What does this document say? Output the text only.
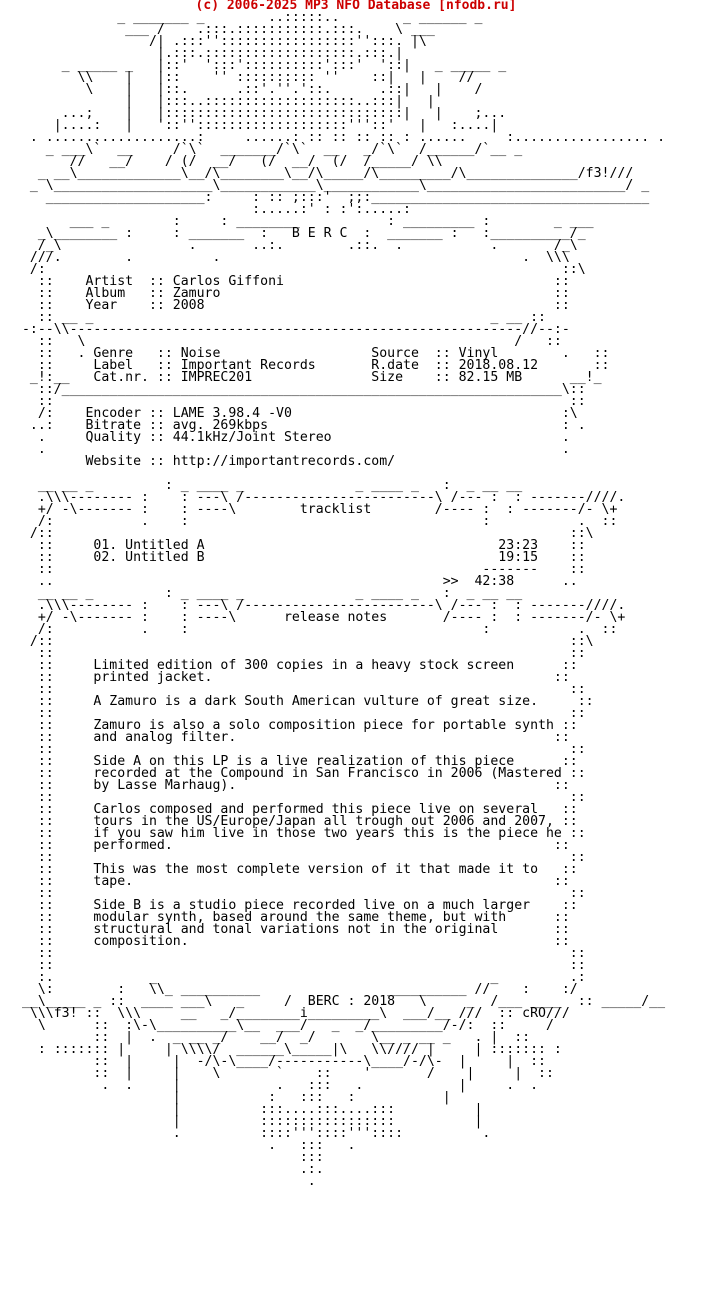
(c) 2006-2025 MP3 NFO Database [nfodb.ru]
_ _______ _        ..:::::..        _ ______ _
___ /    .:::.:::::::::::.:::.    \ ___
/| .:::'':::::::::::::::::'':::. |\
|.:::.:::::::::::::::::::.:::.|
_ _____ _   |::'  ':::'::::::::::':::'  '::|   _ _____ _
\\    |   |::    '' :::::::::: ''    ::|   |    //
\    |   |::.      .::'.''.'::.      .::|   |    /
|   |:::..:::::::::::::::::::..:::|   |
...;    |   |::::::::::::::::::::::::::::::|   |    ;...
|....:   |   '::'':::::::::::::::::::'''::'   |   :....|
. ...................:     ......: :: :: :: :: : ......     :................. .
_ ___\`  __     /`\`  _______/`\`  __   _/`\`  /______/`__ _
//   __/    / (/  __/   (/  __/  (/  /_____/ \\
_ __\_____________\__/\________\__/\_____/\_________/\______________/f3!///
_ \____________________\____________\____________\_________________________/ _
____________________:     : :: ;:::'  ;;:___________________________________
:.....:' : :':.....:
___ _        :     : ________           : _________ :        _ ___
_\________ :     : _______  :   B E R C  :  _______ :   :__________/_
/_\                .       ..:.        .::.  .           .       /_\
///.        .          .                                      .  \\\
/:                                                                 ::\
::    Artist  :: Carlos Giffoni                                  ::
::    Album   :: Zamuro                                          ::
::    Year    :: 2008                                            ::
:: __ _                                                  _ __ ::
-:--\\---------------------------------------------------------//--:-
::   \                                                      /   ::
::   . Genre   :: Noise                   Source  :: Vinyl        .   ::
::     Label   :: Important Records       R.date  :: 2018.08.12       ::
_!:__   Cat.nr. :: IMPREC201               Size    :: 82.15 MB      __!_
::/_______________________________________________________________\::
::                                                                 ::
/:    Encoder :: LAME 3.98.4 -V0                                  :\
..:    Bitrate :: avg. 269kbps                                     : .
.     Quality :: 44.1kHz/Joint Stereo                             .
.                                                                 .
Website :: http://importantrecords.com/

__ __ _         : _ ____ _              _ ____ _   :  _ __ __
.\\\-------- :    : ---\ /------------------------\ /--- :  : -------////.
+/ -\------- :    : ----\        tracklist        /---- :  : -------/- \+
/:           .    :                                     :           .  ::
/::                                                                 ::\
::     01. Untitled A                                     23:23    ::
::     02. Untitled B                                     19:15    ::
::                                                      -------    ::
..                                                 >>  42:38      ..
__ __ _         : _ ____ _              _ ____ _   :  _ __ __
.\\\-------- :    : ---\ /------------------------\ /--- :  : -------////.
+/ -\------- :    : ----\      release notes       /---- :  : -------/- \+
/:           .    :                                     :           .  ::
/::                                                                 ::\
::                                                                 ::
::     Limited edition of 300 copies in a heavy stock screen      ::
::     printed jacket.                                           ::
::                                                                 ::
::     A Zamuro is a dark South American vulture of great size.     ::
::                                                                 ::
::     Zamuro is also a solo composition piece for portable synth ::
::     and analog filter.                                        ::
::                                                                 ::
::     Side A on this LP is a live realization of this piece      ::
::     recorded at the Compound in San Francisco in 2006 (Mastered ::
::     by Lasse Marhaug).                                        ::
::                                                                 ::
::     Carlos composed and performed this piece live on several   ::
::     tours in the US/Europe/Japan all trough out 2006 and 2007, ::
::     if you saw him live in those two years this is the piece he ::
::     performed.                                                ::
::                                                                 ::
::     This was the most complete version of it that made it to   ::
::     tape.                                                     ::
::                                                                 ::
::     Side B is a studio piece recorded live on a much larger    ::
::     modular synth, based around the same theme, but with      ::
::     structural and tonal variations not in the original       ::
::     composition.                                              ::
::                                                                 ::
::                                                                 ::
:.            _                                          _         .:
\:        :   \\_ __________                __________ //    :    :/
__\_____ _ ::  ____ ___\   _     /  BERC : 2018   \     _  /___ ____  :: _____/__
\\\f3! ::  \\\     __   _/________i_________\  ___/__ ///  :: cRO///
\      ::  :\-\__________\__  ___/   _  _/_________/-/:  ::     /
::  |  .  _ __ _/    __/  _/       \__ _ __ _   . |  ::
: ::::::: |     | \\\\/  ______\_____|\   \\//// |     | ::::::: :
::  |     |  -/\-\____/-----------\____/-/\-  |     |  ::
::  |     |    \       `    ::    '       /    |     |  ::
.  .     |            .   :::   .            |     .  .
|           :   :::   :           |
|          :::....:::....:::          |
|          :::::::::::::::::          |
.          ::::'''::::'''::::          .
.   :::   .
:::
.:.
.
